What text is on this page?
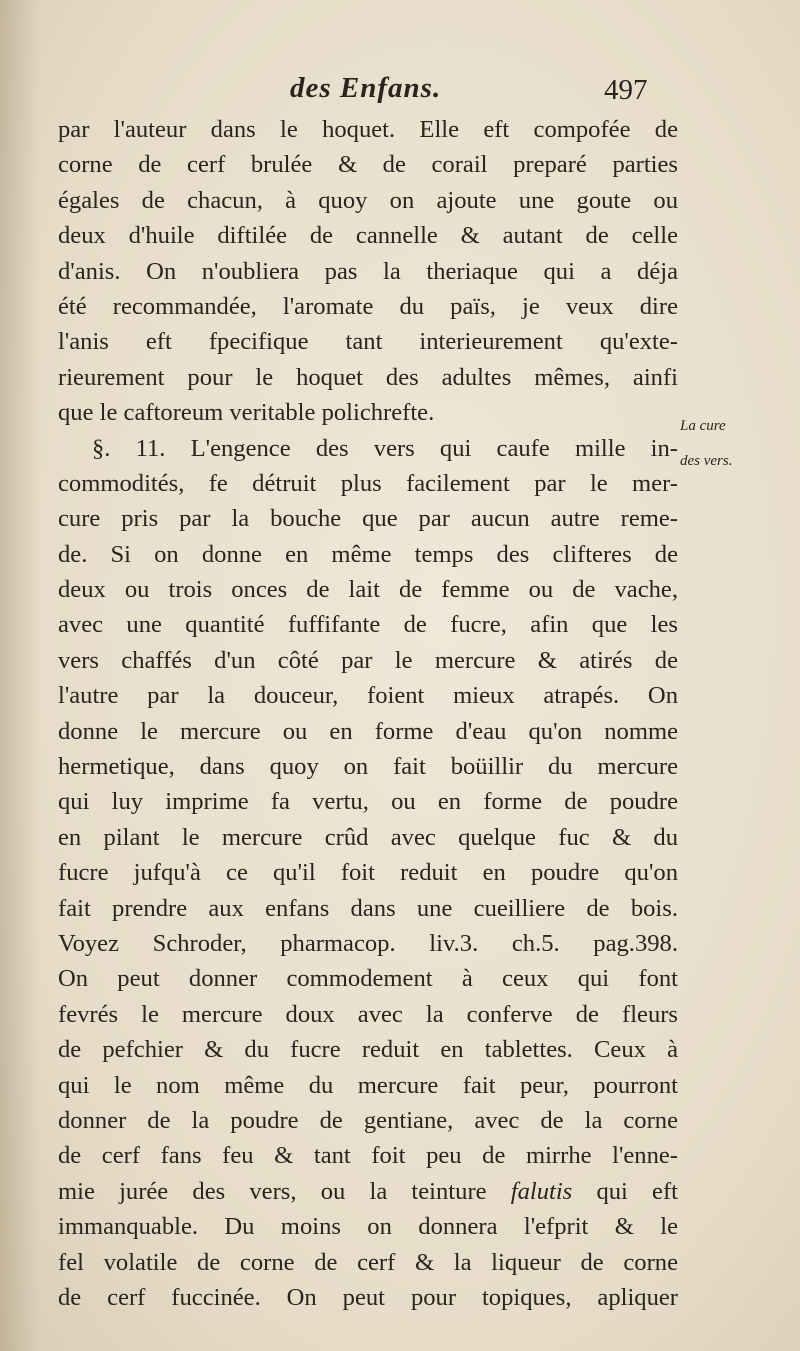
des Enfans.	497
La cure
des vers.
par l'auteur dans le hoquet. Elle eft compofée de
corne de cerf brulée & de corail preparé parties
égales de chacun, à quoy on ajoute une goute ou
deux d'huile diftilée de cannelle & autant de celle
d'anis. On n'oubliera pas la theriaque qui a déja
été recommandée, l'aromate du païs, je veux dire
l'anis eft fpecifique tant interieurement qu'exte-
rieurement pour le hoquet des adultes mêmes, ainfi
que le caftoreum veritable polichrefte.
§. 11. L'engence des vers qui caufe mille in-
commodités, fe détruit plus facilement par le mer-
cure pris par la bouche que par aucun autre reme-
de. Si on donne en même temps des clifteres de
deux ou trois onces de lait de femme ou de vache,
avec une quantité fuffifante de fucre, afin que les
vers chaffés d'un côté par le mercure & atirés de
l'autre par la douceur, foient mieux atrapés. On
donne le mercure ou en forme d'eau qu'on nomme
hermetique, dans quoy on fait boüillir du mercure
qui luy imprime fa vertu, ou en forme de poudre
en pilant le mercure crûd avec quelque fuc & du
fucre jufqu'à ce qu'il foit reduit en poudre qu'on
fait prendre aux enfans dans une cueilliere de bois.
Voyez Schroder, pharmacop. liv.3. ch.5. pag.398.
On peut donner commodement à ceux qui font
fevrés le mercure doux avec la conferve de fleurs
de pefchier & du fucre reduit en tablettes. Ceux à
qui le nom même du mercure fait peur, pourront
donner de la poudre de gentiane, avec de la corne
de cerf fans feu & tant foit peu de mirrhe l'enne-
mie jurée des vers, ou la teinture falutis qui eft
immanquable. Du moins on donnera l'efprit & le
fel volatile de corne de cerf & la liqueur de corne
de cerf fuccinée. On peut pour topiques, apliquer
